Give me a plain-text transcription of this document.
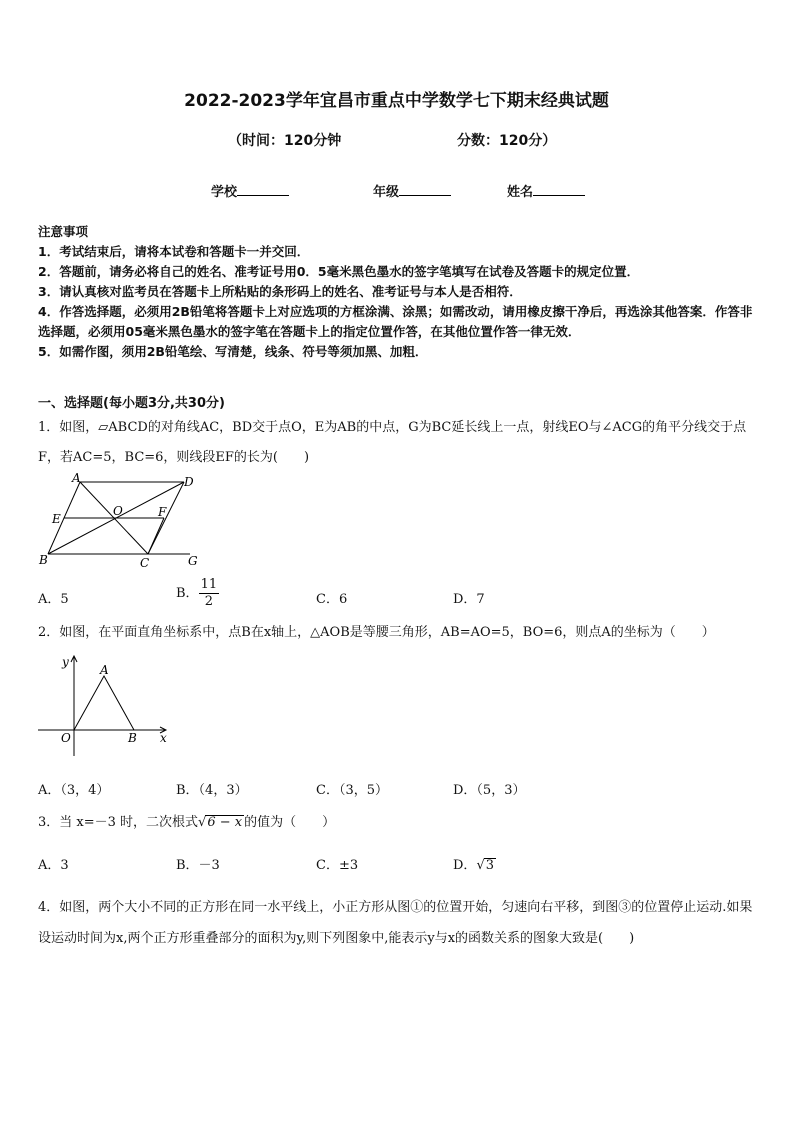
2022-2023学年宜昌市重点中学数学七下期末经典试题
（时间：120分钟	分数：120分）
学校	年级	姓名
注意事项
1．考试结束后，请将本试卷和答题卡一并交回．
2．答题前，请务必将自己的姓名、准考证号用0．5毫米黑色墨水的签字笔填写在试卷及答题卡的规定位置．
3．请认真核对监考员在答题卡上所粘贴的条形码上的姓名、准考证号与本人是否相符．
4．作答选择题，必须用2B铅笔将答题卡上对应选项的方框涂满、涂黑；如需改动，请用橡皮擦干净后，再选涂其他答案．作答非选择题，必须用05毫米黑色墨水的签字笔在答题卡上的指定位置作答，在其他位置作答一律无效．
5．如需作图，须用2B铅笔绘、写清楚，线条、符号等须加黑、加粗．
一、选择题(每小题3分,共30分)
1．如图，▱ABCD的对角线AC，BD交于点O，E为AB的中点，G为BC延长线上一点，射线EO与∠ACG的角平分线交于点F，若AC=5，BC=6，则线段EF的长为(　　)
A	D
E
O	F
B	C	G
A．5	B． $\frac{11}{2}$	C．6	D．7
2．如图，在平面直角坐标系中，点B在x轴上，△AOB是等腰三角形，AB=AO=5，BO=6，则点A的坐标为（　　）
y
A
O	B x
A．（3，4）	B．（4，3）	C．（3，5）	D．（5，3）
3．当 x=－3 时，二次根式√6 − x 的值为（　　）
A．3	B．－3	C．±3	D．√3
4．如图，两个大小不同的正方形在同一水平线上，小正方形从图①的位置开始，匀速向右平移，到图③的位置停止运动.如果设运动时间为x,两个正方形重叠部分的面积为y,则下列图象中,能表示y与x的函数关系的图象大致是(　　)
